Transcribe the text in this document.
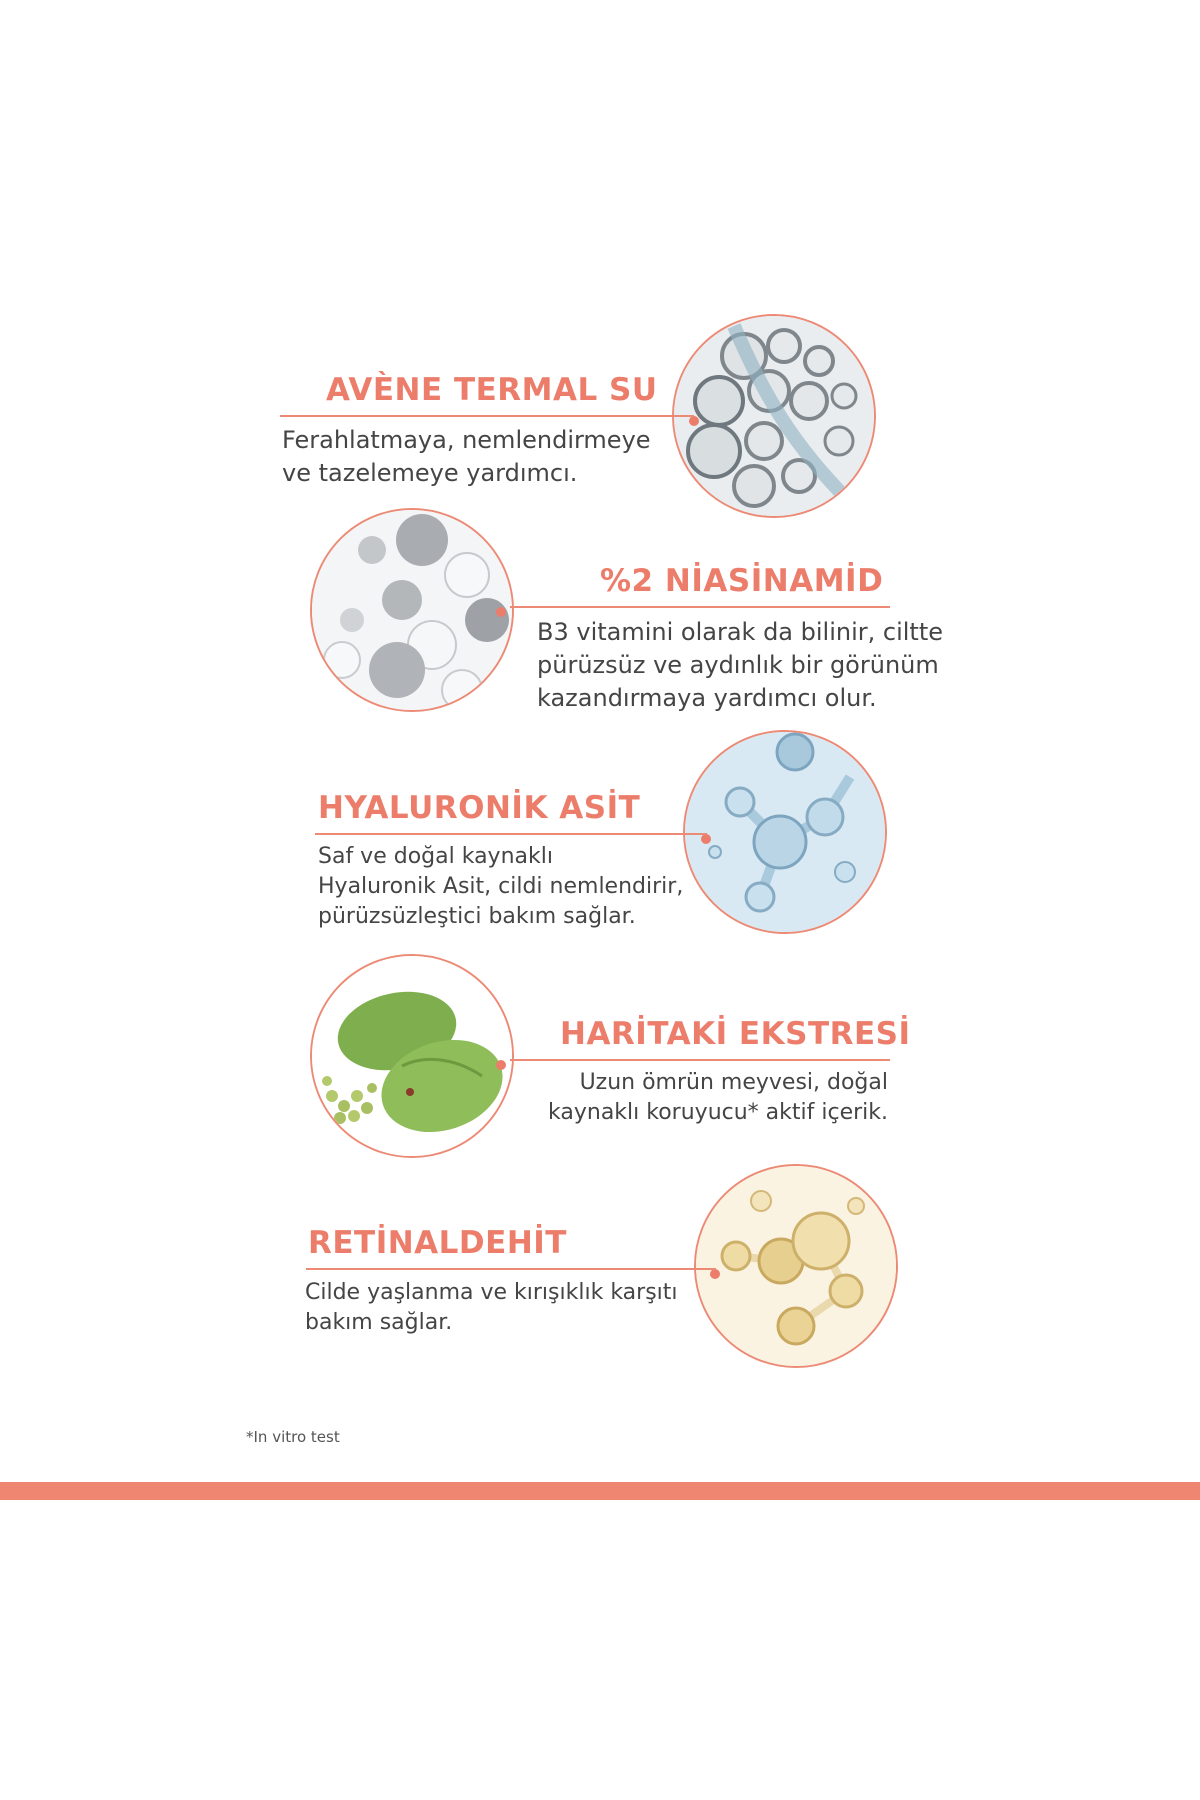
AVÈNE TERMAL SU

Ferahlatmaya, nemlendirmeye
ve tazelemeye yardımcı.

%2 NİASİNAMİD

B3 vitamini olarak da bilinir, ciltte
pürüzsüz ve aydınlık bir görünüm
kazandırmaya yardımcı olur.

HYALURONİK ASİT

Saf ve doğal kaynaklı
Hyaluronik Asit, cildi nemlendirir,
pürüzsüzleştici bakım sağlar.

HARİTAKİ EKSTRESİ

Uzun ömrün meyvesi, doğal
kaynaklı koruyucu* aktif içerik.

RETİNALDEHİT

Cilde yaşlanma ve kırışıklık karşıtı
bakım sağlar.

*In vitro test
